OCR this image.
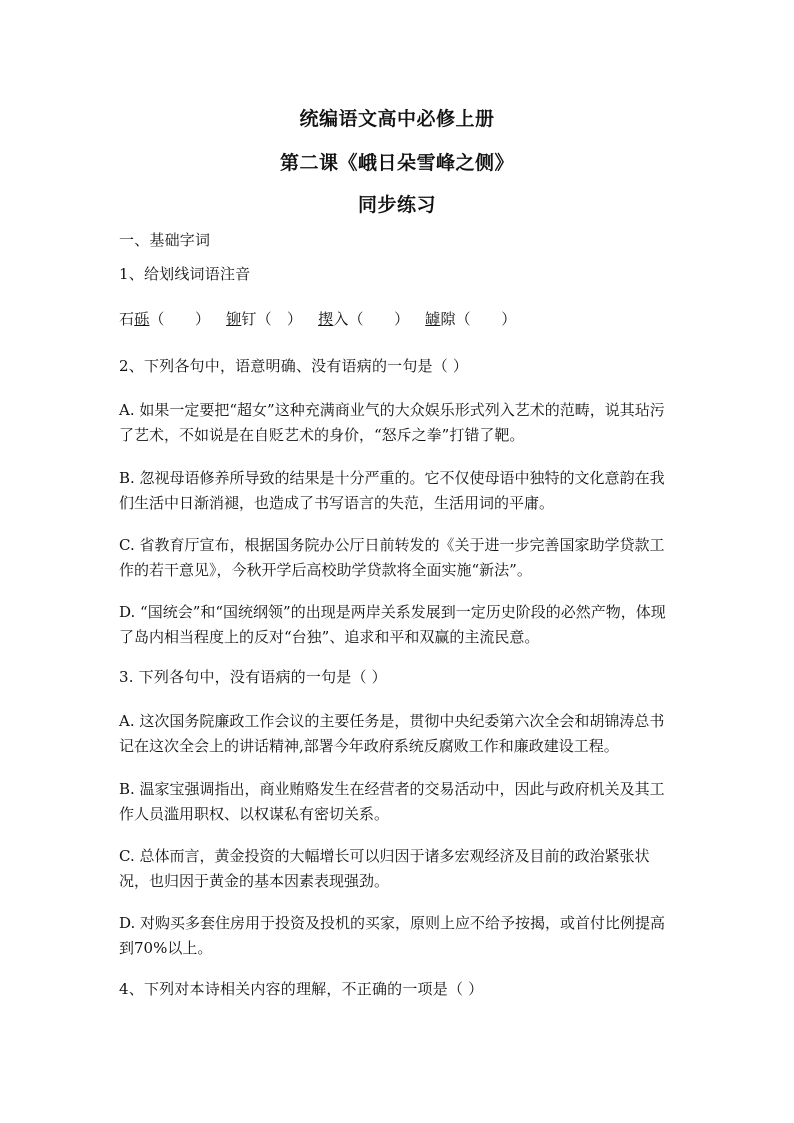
统编语文高中必修上册
第二课《峨日朵雪峰之侧》
同步练习
一、基础字词
1、给划线词语注音
石砾（　　） 铆钉（　） 揳入（　　） 罅隙（　　）
2、下列各句中，语意明确、没有语病的一句是（ ）
A. 如果一定要把“超女”这种充满商业气的大众娱乐形式列入艺术的范畴，说其玷污了艺术，不如说是在自贬艺术的身价，“怒斥之拳”打错了靶。
B. 忽视母语修养所导致的结果是十分严重的。它不仅使母语中独特的文化意韵在我们生活中日渐消褪，也造成了书写语言的失范，生活用词的平庸。
C. 省教育厅宣布，根据国务院办公厅日前转发的《关于进一步完善国家助学贷款工作的若干意见》，今秋开学后高校助学贷款将全面实施“新法”。
D. “国统会”和“国统纲领”的出现是两岸关系发展到一定历史阶段的必然产物，体现了岛内相当程度上的反对“台独”、追求和平和双赢的主流民意。
3. 下列各句中，没有语病的一句是（ ）
A. 这次国务院廉政工作会议的主要任务是，贯彻中央纪委第六次全会和胡锦涛总书记在这次全会上的讲话精神,部署今年政府系统反腐败工作和廉政建设工程。
B. 温家宝强调指出，商业贿赂发生在经营者的交易活动中，因此与政府机关及其工作人员滥用职权、以权谋私有密切关系。
C. 总体而言，黄金投资的大幅增长可以归因于诸多宏观经济及目前的政治紧张状况，也归因于黄金的基本因素表现强劲。
D. 对购买多套住房用于投资及投机的买家，原则上应不给予按揭，或首付比例提高到70%以上。
4、下列对本诗相关内容的理解，不正确的一项是（ ）
